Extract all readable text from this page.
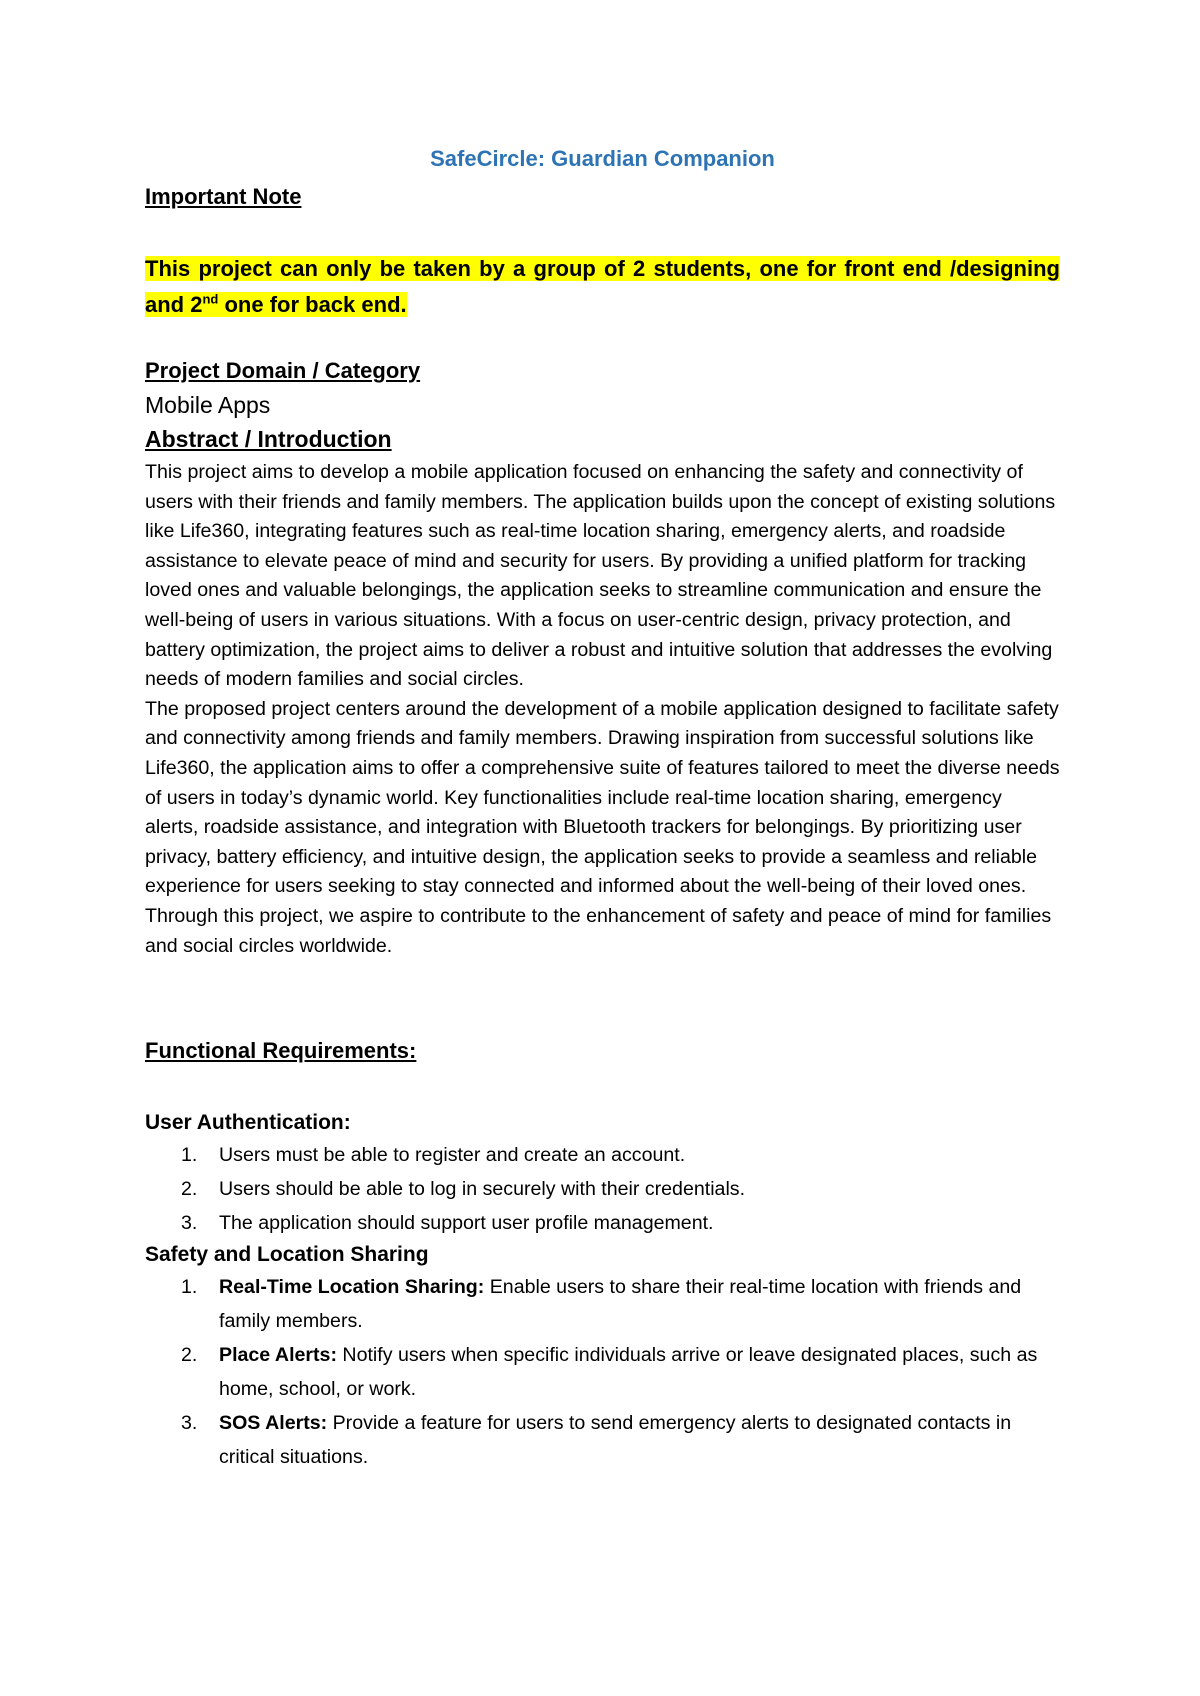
SafeCircle: Guardian Companion

Important Note

This project can only be taken by a group of 2 students, one for front end /designing and 2nd one for back end.

Project Domain / Category

Mobile Apps

Abstract / Introduction

This project aims to develop a mobile application focused on enhancing the safety and connectivity of users with their friends and family members. The application builds upon the concept of existing solutions like Life360, integrating features such as real-time location sharing, emergency alerts, and roadside assistance to elevate peace of mind and security for users. By providing a unified platform for tracking loved ones and valuable belongings, the application seeks to streamline communication and ensure the well-being of users in various situations. With a focus on user-centric design, privacy protection, and battery optimization, the project aims to deliver a robust and intuitive solution that addresses the evolving needs of modern families and social circles.

The proposed project centers around the development of a mobile application designed to facilitate safety and connectivity among friends and family members. Drawing inspiration from successful solutions like Life360, the application aims to offer a comprehensive suite of features tailored to meet the diverse needs of users in today’s dynamic world. Key functionalities include real-time location sharing, emergency alerts, roadside assistance, and integration with Bluetooth trackers for belongings. By prioritizing user privacy, battery efficiency, and intuitive design, the application seeks to provide a seamless and reliable experience for users seeking to stay connected and informed about the well-being of their loved ones. Through this project, we aspire to contribute to the enhancement of safety and peace of mind for families and social circles worldwide.

Functional Requirements:

User Authentication:

1. Users must be able to register and create an account.
2. Users should be able to log in securely with their credentials.
3. The application should support user profile management.

Safety and Location Sharing

1. Real-Time Location Sharing: Enable users to share their real-time location with friends and family members.
2. Place Alerts: Notify users when specific individuals arrive or leave designated places, such as home, school, or work.
3. SOS Alerts: Provide a feature for users to send emergency alerts to designated contacts in critical situations.
